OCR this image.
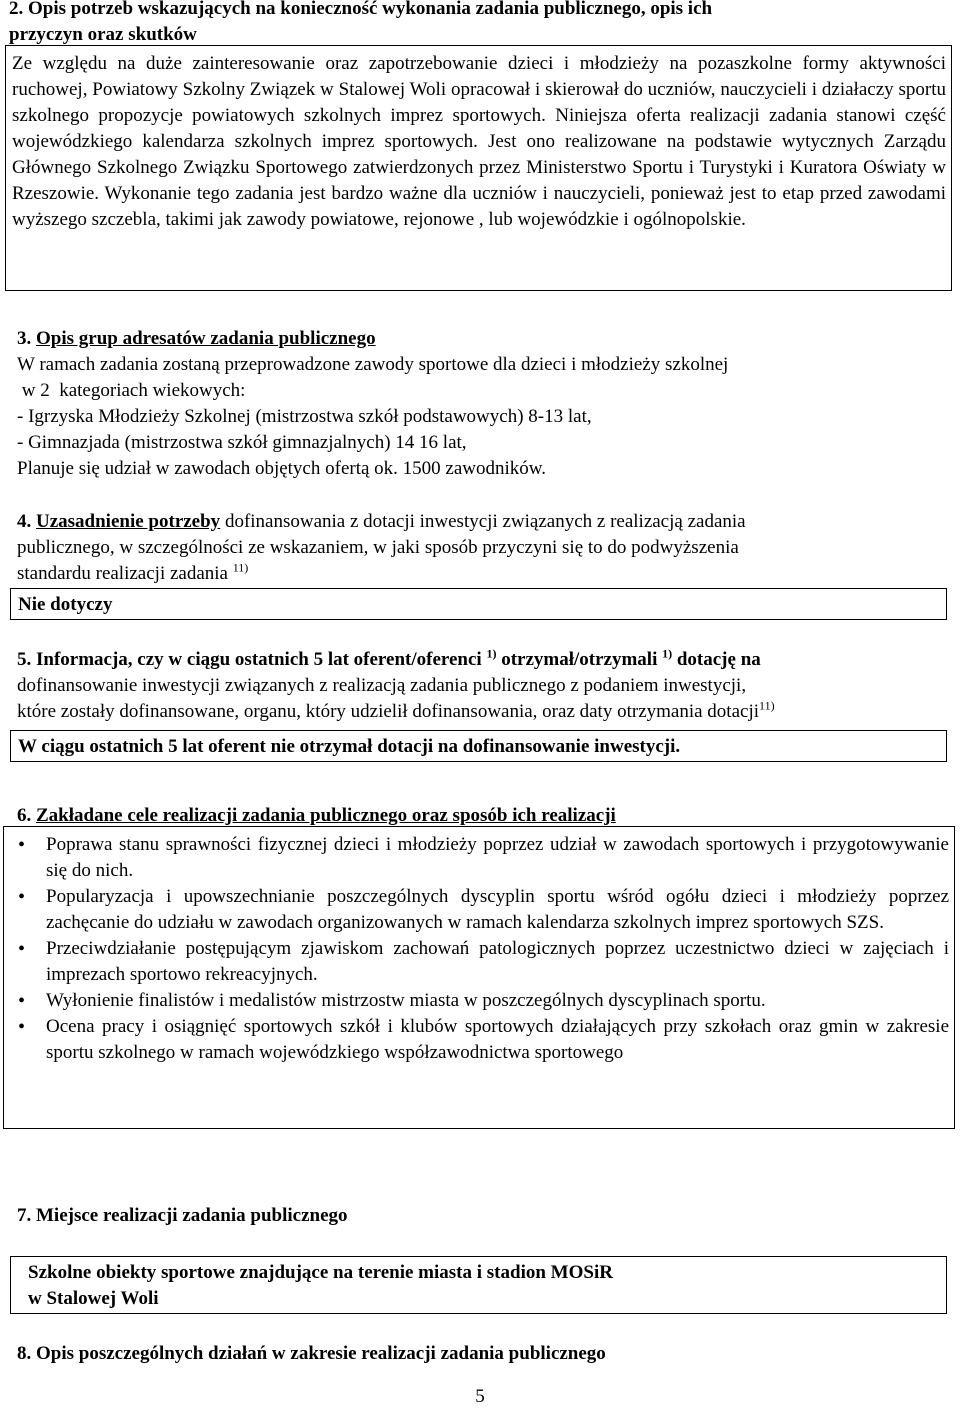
2. Opis potrzeb wskazujących na konieczność wykonania zadania publicznego, opis ich
przyczyn oraz skutków
Ze względu na duże zainteresowanie oraz zapotrzebowanie dzieci i młodzieży na pozaszkolne formy aktywności ruchowej, Powiatowy Szkolny Związek w Stalowej Woli opracował i skierował do uczniów, nauczycieli i działaczy sportu szkolnego propozycje powiatowych szkolnych imprez sportowych. Niniejsza oferta realizacji zadania stanowi część wojewódzkiego kalendarza szkolnych imprez sportowych. Jest ono realizowane na podstawie wytycznych Zarządu Głównego Szkolnego Związku Sportowego zatwierdzonych przez Ministerstwo Sportu i Turystyki i Kuratora Oświaty w Rzeszowie. Wykonanie tego zadania jest bardzo ważne dla uczniów i nauczycieli, ponieważ jest to etap przed zawodami wyższego szczebla, takimi jak zawody powiatowe, rejonowe , lub wojewódzkie i ogólnopolskie.
3. Opis grup adresatów zadania publicznego
W ramach zadania zostaną przeprowadzone zawody sportowe dla dzieci i młodzieży szkolnej
w 2  kategoriach wiekowych:
- Igrzyska Młodzieży Szkolnej (mistrzostwa szkół podstawowych) 8-13 lat,
- Gimnazjada (mistrzostwa szkół gimnazjalnych) 14 16 lat,
Planuje się udział w zawodach objętych ofertą ok. 1500 zawodników.
4. Uzasadnienie potrzeby dofinansowania z dotacji inwestycji związanych z realizacją zadania
publicznego, w szczególności ze wskazaniem, w jaki sposób przyczyni się to do podwyższenia
standardu realizacji zadania $^{11)}$
Nie dotyczy
5. Informacja, czy w ciągu ostatnich 5 lat oferent/oferenci $^{1)}$ otrzymał/otrzymali $^{1)}$ dotację na
dofinansowanie inwestycji związanych z realizacją zadania publicznego z podaniem inwestycji,
które zostały dofinansowane, organu, który udzielił dofinansowania, oraz daty otrzymania dotacji$^{11)}$
W ciągu ostatnich 5 lat oferent nie otrzymał dotacji na dofinansowanie inwestycji.
6. Zakładane cele realizacji zadania publicznego oraz sposób ich realizacji
• Poprawa stanu sprawności fizycznej dzieci i młodzieży poprzez udział w zawodach sportowych i przygotowywanie się do nich.
• Popularyzacja i upowszechnianie poszczególnych dyscyplin sportu wśród ogółu dzieci i młodzieży poprzez zachęcanie do udziału w zawodach organizowanych w ramach kalendarza szkolnych imprez sportowych SZS.
• Przeciwdziałanie postępującym zjawiskom zachowań patologicznych poprzez uczestnictwo dzieci w zajęciach i imprezach sportowo rekreacyjnych.
• Wyłonienie finalistów i medalistów mistrzostw miasta w poszczególnych dyscyplinach sportu.
• Ocena pracy i osiągnięć sportowych szkół i klubów sportowych działających przy szkołach oraz gmin w zakresie sportu szkolnego w ramach wojewódzkiego współzawodnictwa sportowego
7. Miejsce realizacji zadania publicznego
Szkolne obiekty sportowe znajdujące na terenie miasta i stadion MOSiR
w Stalowej Woli
8. Opis poszczególnych działań w zakresie realizacji zadania publicznego
5
